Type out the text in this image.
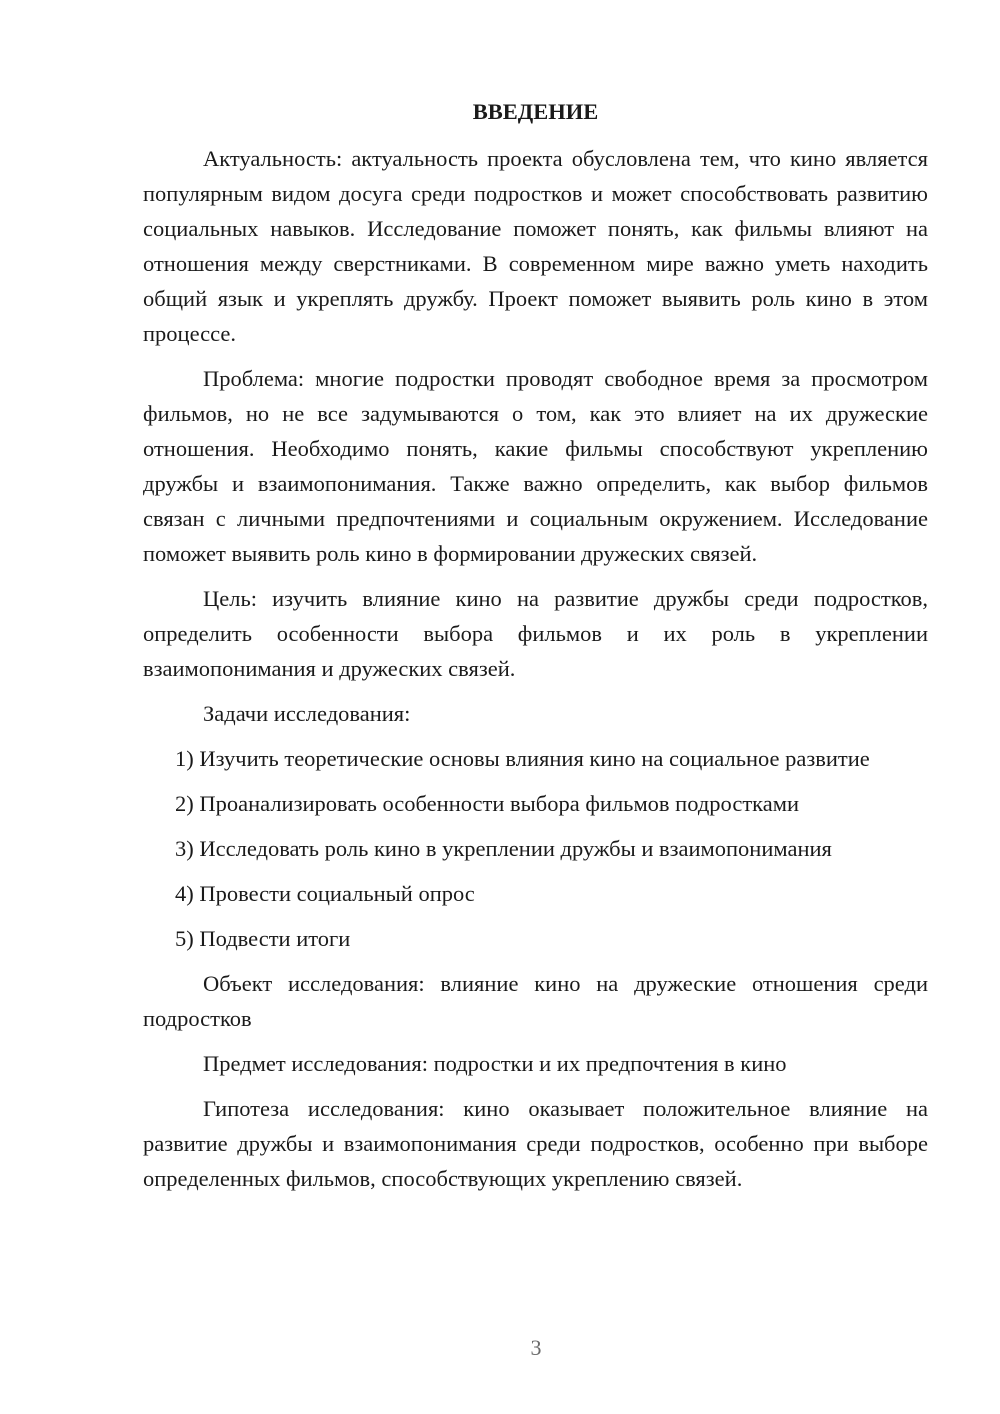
ВВЕДЕНИЕ

Актуальность: актуальность проекта обусловлена тем, что кино является популярным видом досуга среди подростков и может способствовать развитию социальных навыков. Исследование поможет понять, как фильмы влияют на отношения между сверстниками. В современном мире важно уметь находить общий язык и укреплять дружбу. Проект поможет выявить роль кино в этом процессе.

Проблема: многие подростки проводят свободное время за просмотром фильмов, но не все задумываются о том, как это влияет на их дружеские отношения. Необходимо понять, какие фильмы способствуют укреплению дружбы и взаимопонимания. Также важно определить, как выбор фильмов связан с личными предпочтениями и социальным окружением. Исследование поможет выявить роль кино в формировании дружеских связей.

Цель: изучить влияние кино на развитие дружбы среди подростков, определить особенности выбора фильмов и их роль в укреплении взаимопонимания и дружеских связей.

Задачи исследования:

1) Изучить теоретические основы влияния кино на социальное развитие

2) Проанализировать особенности выбора фильмов подростками

3) Исследовать роль кино в укреплении дружбы и взаимопонимания

4) Провести социальный опрос

5) Подвести итоги

Объект исследования: влияние кино на дружеские отношения среди подростков

Предмет исследования: подростки и их предпочтения в кино

Гипотеза исследования: кино оказывает положительное влияние на развитие дружбы и взаимопонимания среди подростков, особенно при выборе определенных фильмов, способствующих укреплению связей.

3
